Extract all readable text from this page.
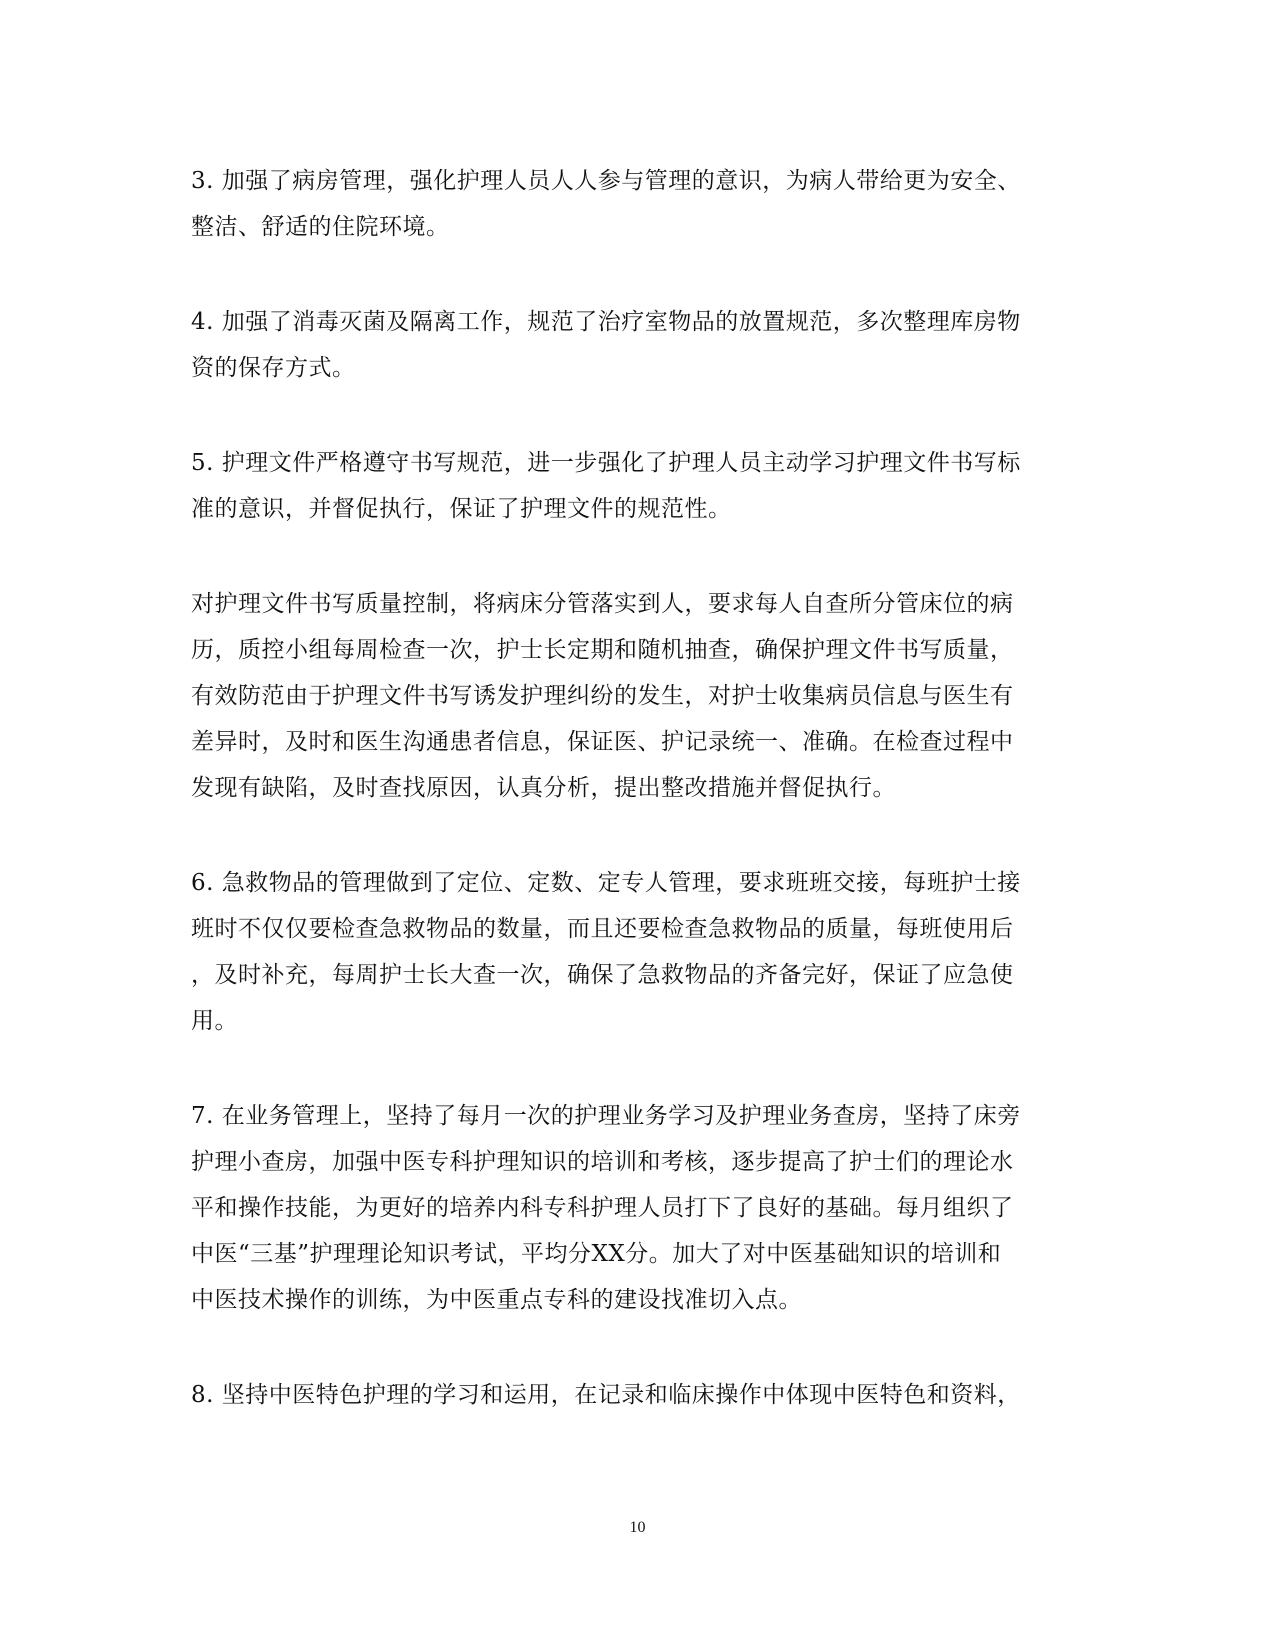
3. 加强了病房管理，强化护理人员人人参与管理的意识，为病人带给更为安全、
整洁、舒适的住院环境。

4. 加强了消毒灭菌及隔离工作，规范了治疗室物品的放置规范，多次整理库房物
资的保存方式。

5. 护理文件严格遵守书写规范，进一步强化了护理人员主动学习护理文件书写标
准的意识，并督促执行，保证了护理文件的规范性。

对护理文件书写质量控制，将病床分管落实到人，要求每人自查所分管床位的病
历，质控小组每周检查一次，护士长定期和随机抽查，确保护理文件书写质量，
有效防范由于护理文件书写诱发护理纠纷的发生，对护士收集病员信息与医生有
差异时，及时和医生沟通患者信息，保证医、护记录统一、准确。在检查过程中
发现有缺陷，及时查找原因，认真分析，提出整改措施并督促执行。

6. 急救物品的管理做到了定位、定数、定专人管理，要求班班交接，每班护士接
班时不仅仅要检查急救物品的数量，而且还要检查急救物品的质量，每班使用后
，及时补充，每周护士长大查一次，确保了急救物品的齐备完好，保证了应急使
用。

7. 在业务管理上，坚持了每月一次的护理业务学习及护理业务查房，坚持了床旁
护理小查房，加强中医专科护理知识的培训和考核，逐步提高了护士们的理论水
平和操作技能，为更好的培养内科专科护理人员打下了良好的基础。每月组织了
中医“三基”护理理论知识考试，平均分XX分。加大了对中医基础知识的培训和
中医技术操作的训练，为中医重点专科的建设找准切入点。

8. 坚持中医特色护理的学习和运用，在记录和临床操作中体现中医特色和资料，

10
